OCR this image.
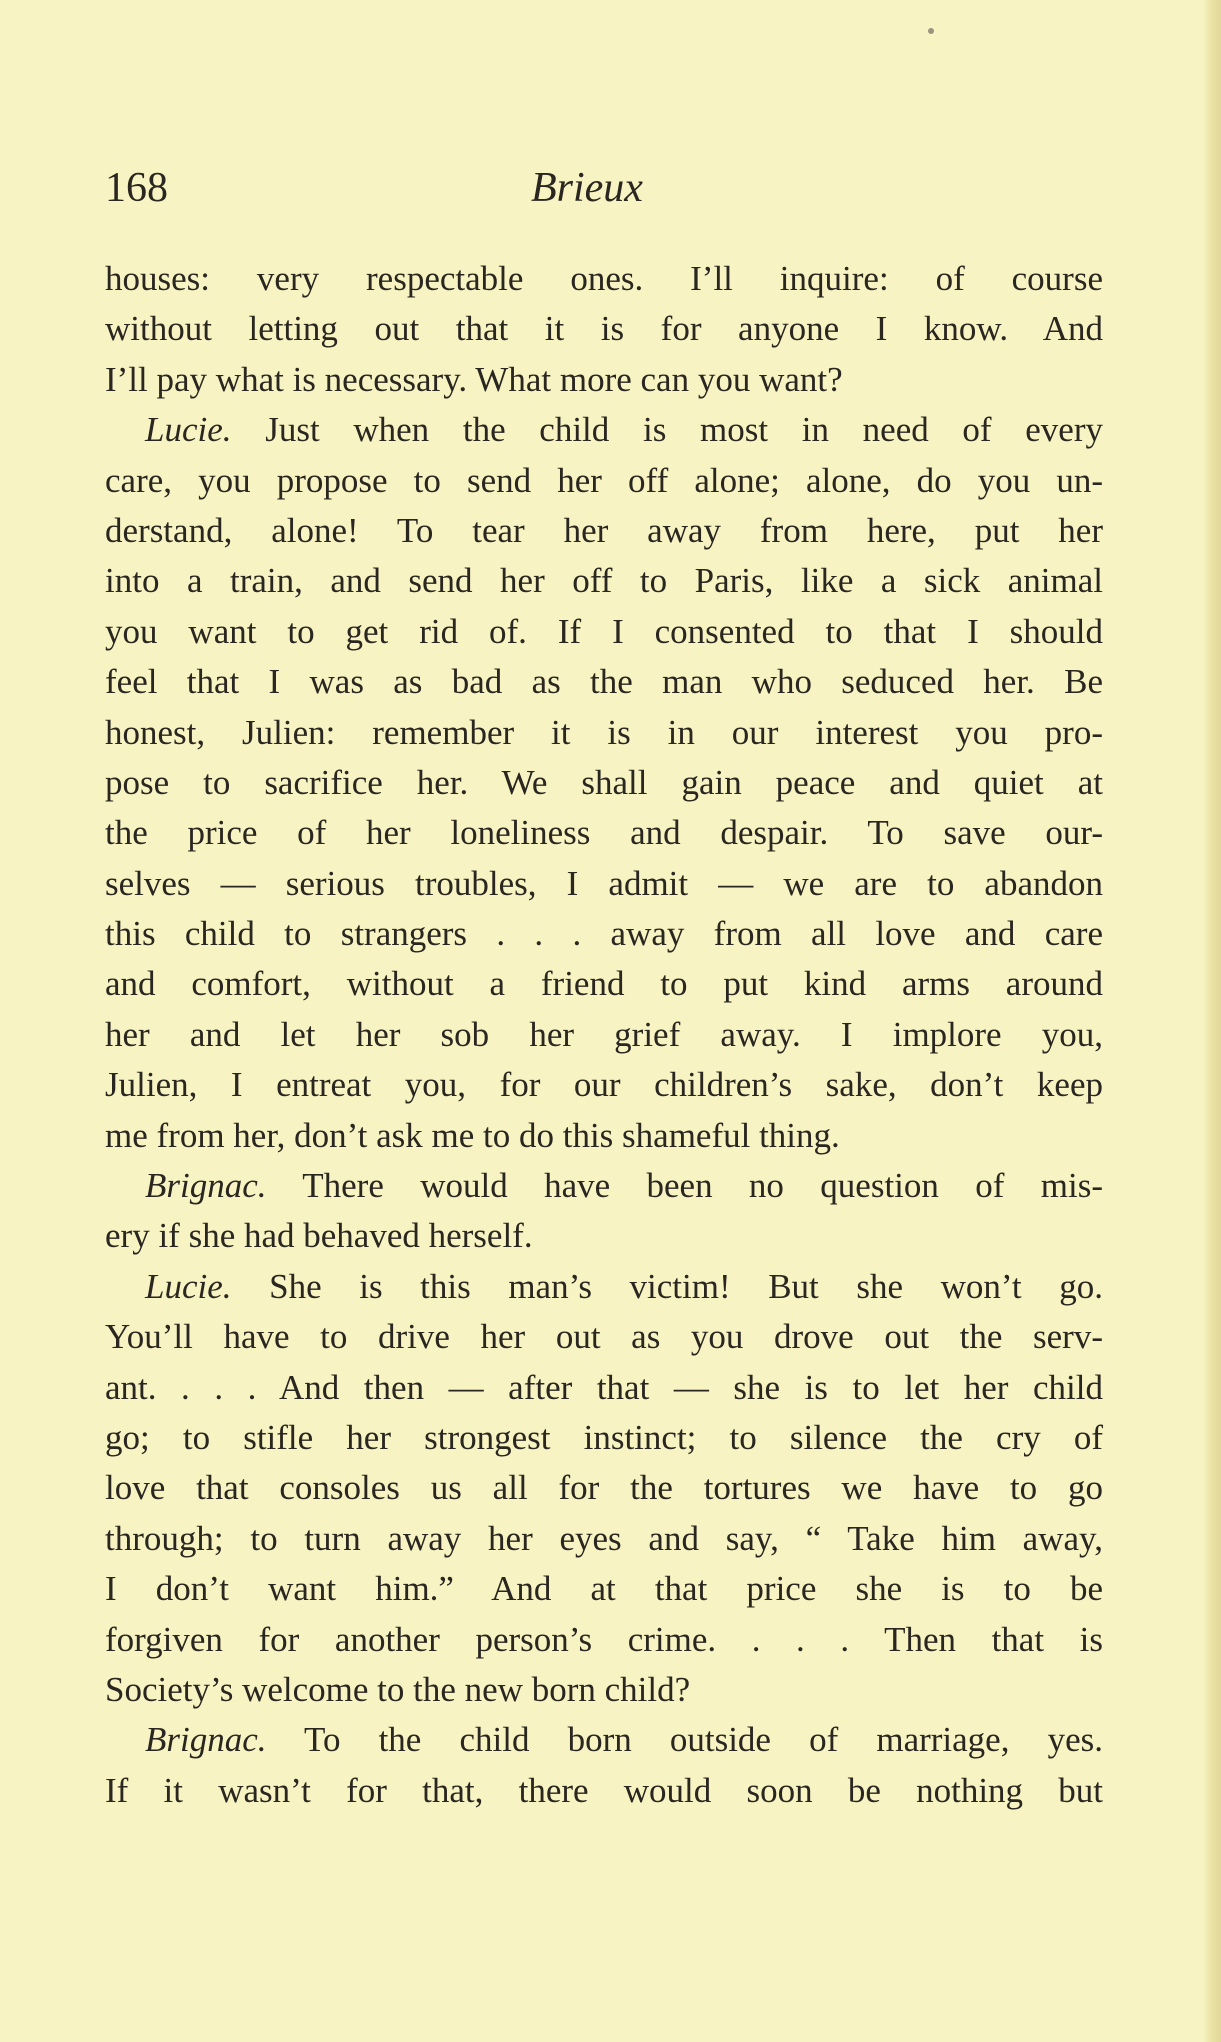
168	Brieux
houses: very respectable ones. I’ll inquire: of course
without letting out that it is for anyone I know. And
I’ll pay what is necessary. What more can you want?
Lucie. Just when the child is most in need of every
care, you propose to send her off alone; alone, do you un-
derstand, alone! To tear her away from here, put her
into a train, and send her off to Paris, like a sick animal
you want to get rid of. If I consented to that I should
feel that I was as bad as the man who seduced her. Be
honest, Julien: remember it is in our interest you pro-
pose to sacrifice her. We shall gain peace and quiet at
the price of her loneliness and despair. To save our-
selves — serious troubles, I admit — we are to abandon
this child to strangers . . . away from all love and care
and comfort, without a friend to put kind arms around
her and let her sob her grief away. I implore you,
Julien, I entreat you, for our children’s sake, don’t keep
me from her, don’t ask me to do this shameful thing.
Brignac. There would have been no question of mis-
ery if she had behaved herself.
Lucie. She is this man’s victim! But she won’t go.
You’ll have to drive her out as you drove out the serv-
ant. . . . And then — after that — she is to let her child
go; to stifle her strongest instinct; to silence the cry of
love that consoles us all for the tortures we have to go
through; to turn away her eyes and say, “ Take him away,
I don’t want him.” And at that price she is to be
forgiven for another person’s crime. . . . Then that is
Society’s welcome to the new born child?
Brignac. To the child born outside of marriage, yes.
If it wasn’t for that, there would soon be nothing but
